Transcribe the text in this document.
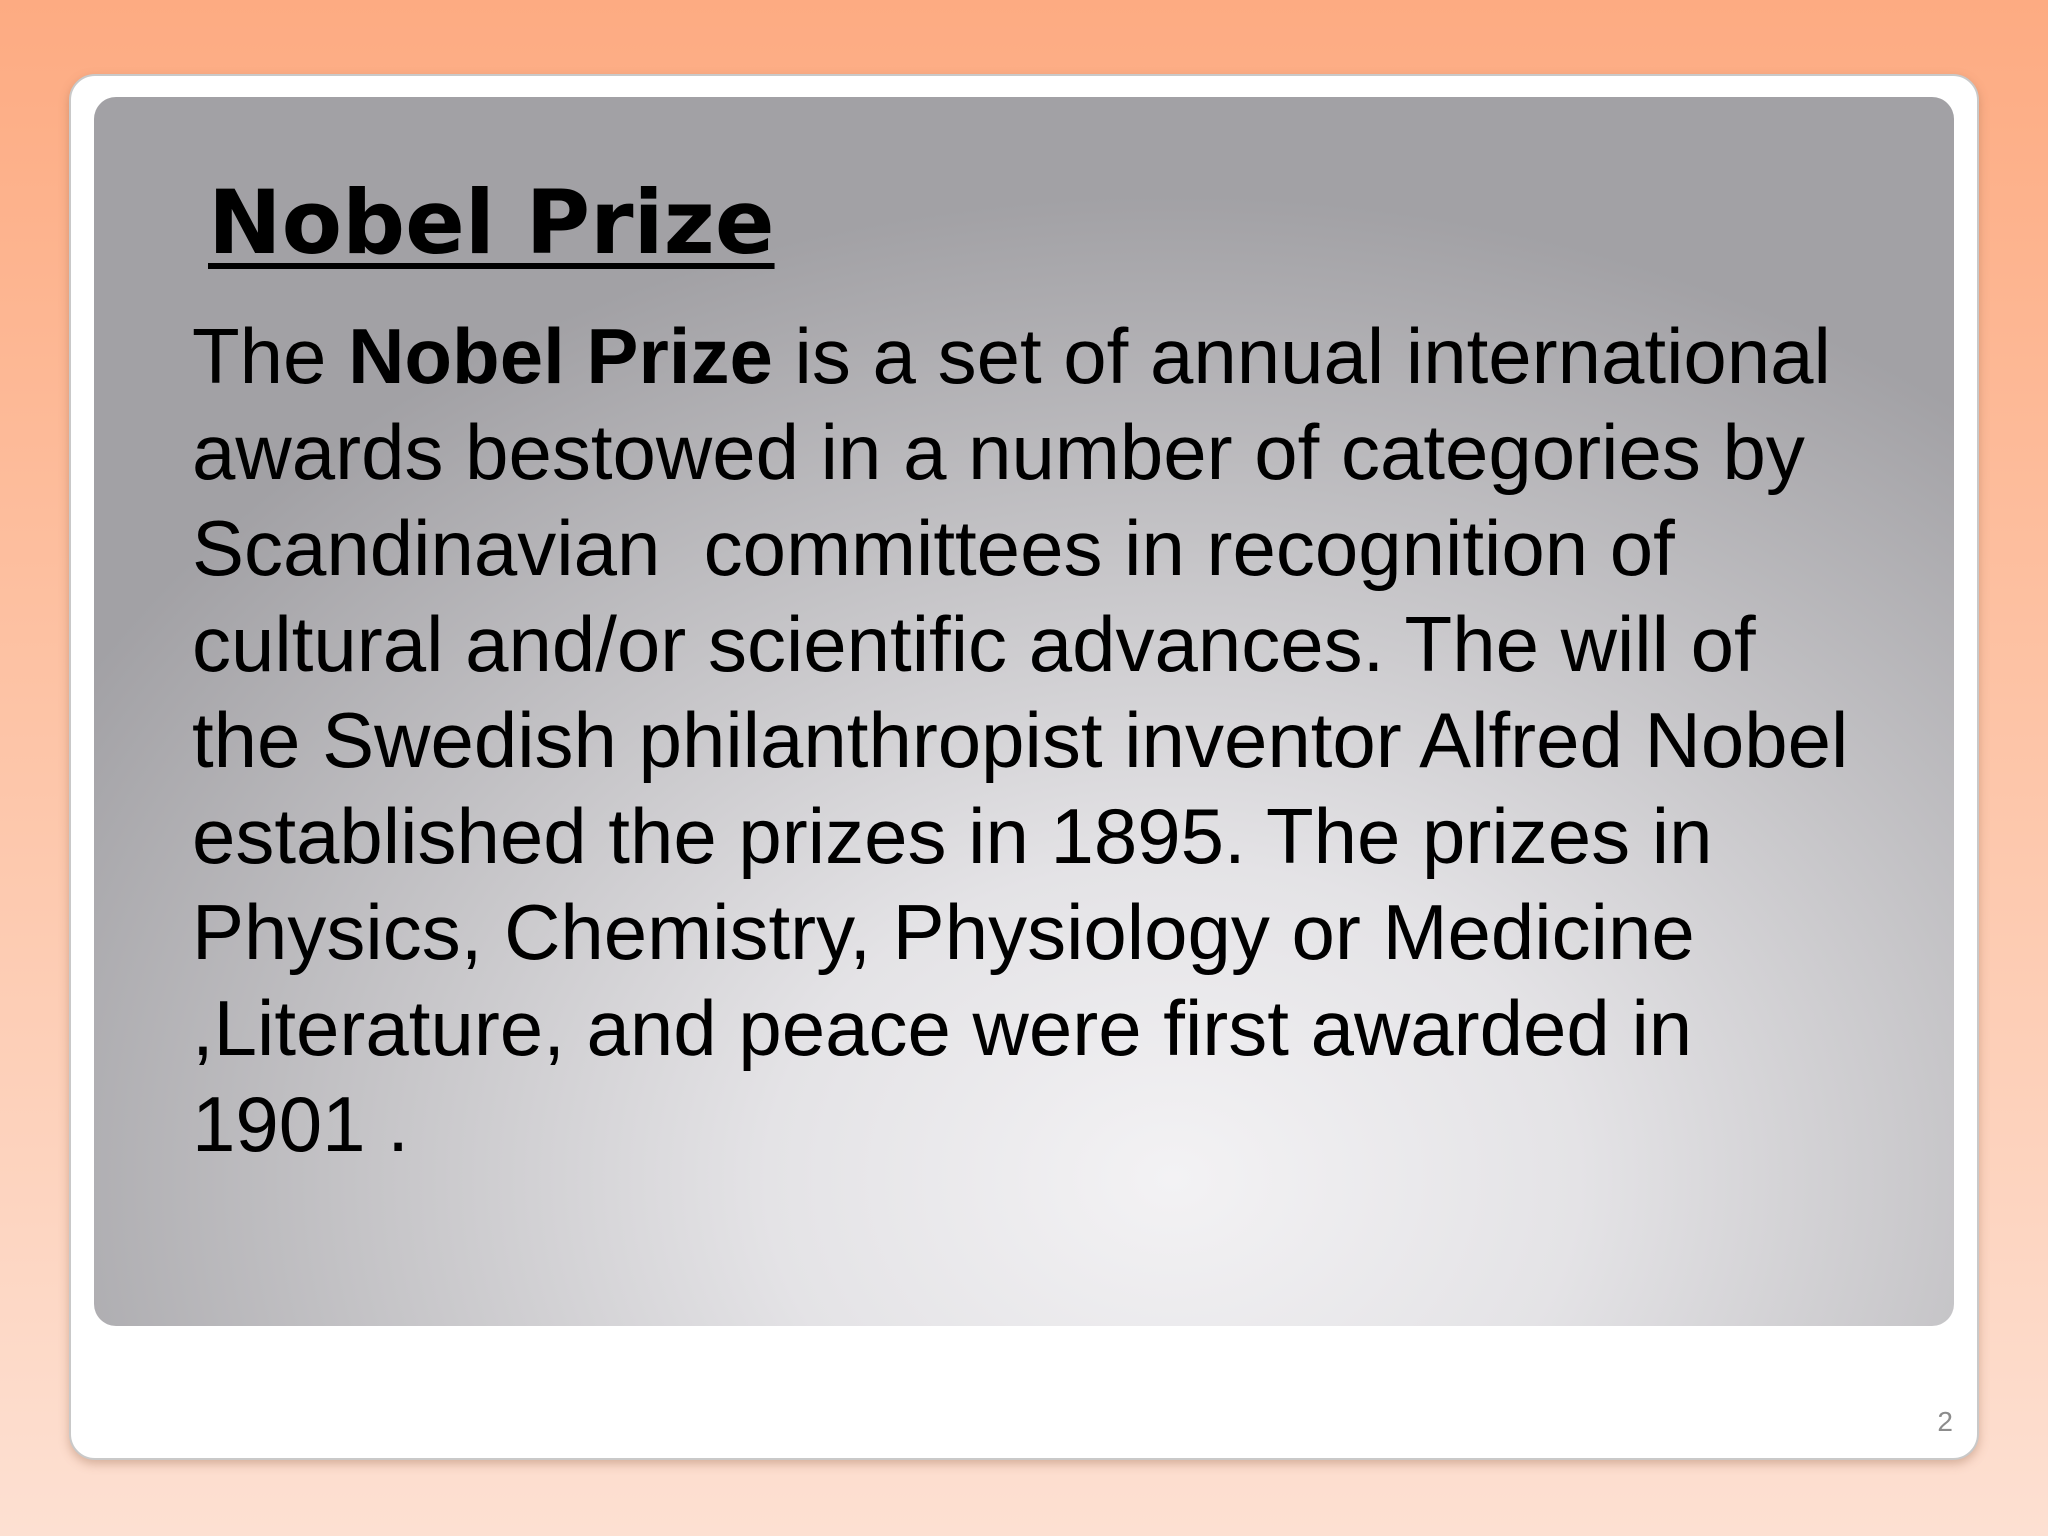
Nobel Prize

The Nobel Prize is a set of annual international
awards bestowed in a number of categories by
Scandinavian  committees in recognition of
cultural and/or scientific advances. The will of
the Swedish philanthropist inventor Alfred Nobel
established the prizes in 1895. The prizes in
Physics, Chemistry, Physiology or Medicine
,Literature, and peace were first awarded in
1901 .

2
